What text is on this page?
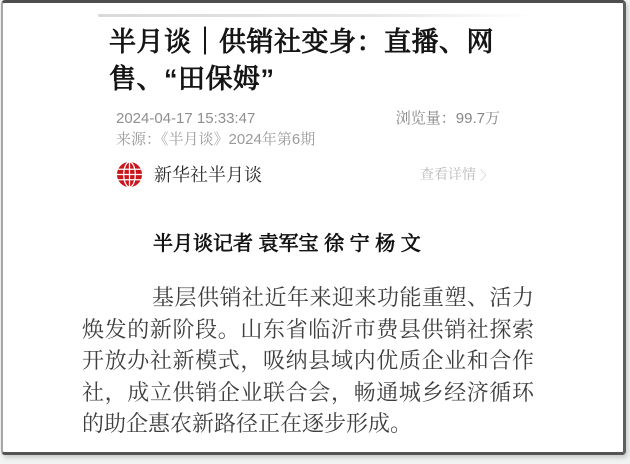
半月谈｜供销社变身：直播、网售、“田保姆”
2024-04-17 15:33:47	浏览量：99.7万
来源：《半月谈》2024年第6期
新华社半月谈	查看详情 〉
半月谈记者 袁军宝 徐 宁 杨 文

基层供销社近年来迎来功能重塑、活力焕发的新阶段。山东省临沂市费县供销社探索开放办社新模式，吸纳县域内优质企业和合作社，成立供销企业联合会，畅通城乡经济循环的助企惠农新路径正在逐步形成。
